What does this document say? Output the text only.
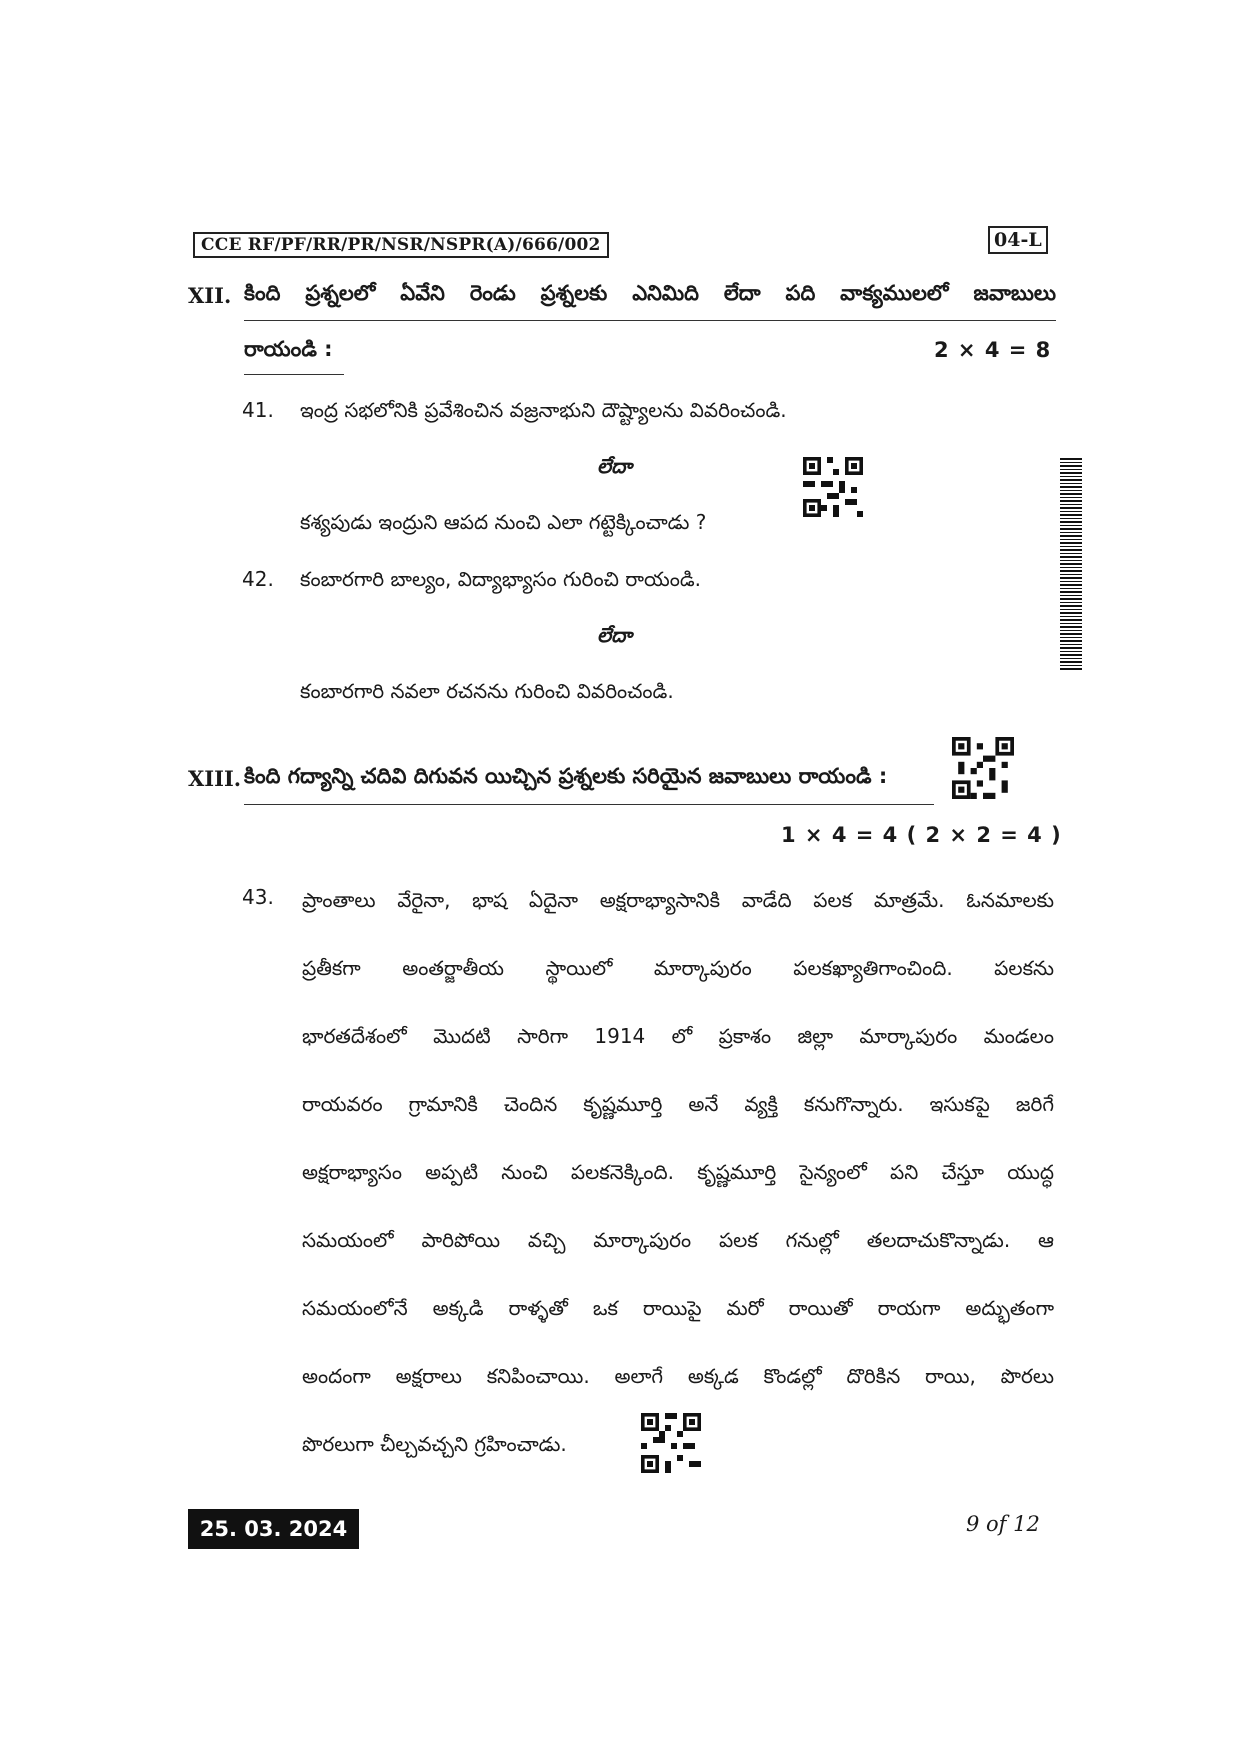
CCE RF/PF/RR/PR/NSR/NSPR(A)/666/002	04-L
XII. కింది ప్రశ్నలలో ఏవేని రెండు ప్రశ్నలకు ఎనిమిది లేదా పది వాక్యములలో జవాబులు
రాయండి :	2 × 4 = 8
41. ఇంద్ర సభలోనికి ప్రవేశించిన వజ్రనాభుని దౌష్ట్యాలను వివరించండి.
లేదా
కశ్యపుడు ఇంద్రుని ఆపద నుంచి ఎలా గట్టెక్కించాడు ?
42. కంబారగారి బాల్యం, విద్యాభ్యాసం గురించి రాయండి.
లేదా
కంబారగారి నవలా రచనను గురించి వివరించండి.
XIII. కింది గద్యాన్ని చదివి దిగువన యిచ్చిన ప్రశ్నలకు సరియైన జవాబులు రాయండి :
1 × 4 = 4 ( 2 × 2 = 4 )
43. ప్రాంతాలు వేరైనా, భాష ఏదైనా అక్షరాభ్యాసానికి వాడేది పలక మాత్రమే. ఓనమాలకు
ప్రతీకగా అంతర్జాతీయ స్థాయిలో మార్కాపురం పలకఖ్యాతిగాంచింది. పలకను
భారతదేశంలో మొదటి సారిగా 1914 లో ప్రకాశం జిల్లా మార్కాపురం మండలం
రాయవరం గ్రామానికి చెందిన కృష్ణమూర్తి అనే వ్యక్తి కనుగొన్నారు. ఇసుకపై జరిగే
అక్షరాభ్యాసం అప్పటి నుంచి పలకనెక్కింది. కృష్ణమూర్తి సైన్యంలో పని చేస్తూ యుద్ధ
సమయంలో పారిపోయి వచ్చి మార్కాపురం పలక గనుల్లో తలదాచుకొన్నాడు. ఆ
సమయంలోనే అక్కడి రాళ్ళతో ఒక రాయిపై మరో రాయితో రాయగా అద్భుతంగా
అందంగా అక్షరాలు కనిపించాయి. అలాగే అక్కడ కొండల్లో దొరికిన రాయి, పొరలు
పొరలుగా చీల్చవచ్చని గ్రహించాడు.
25. 03. 2024	9 of 12
